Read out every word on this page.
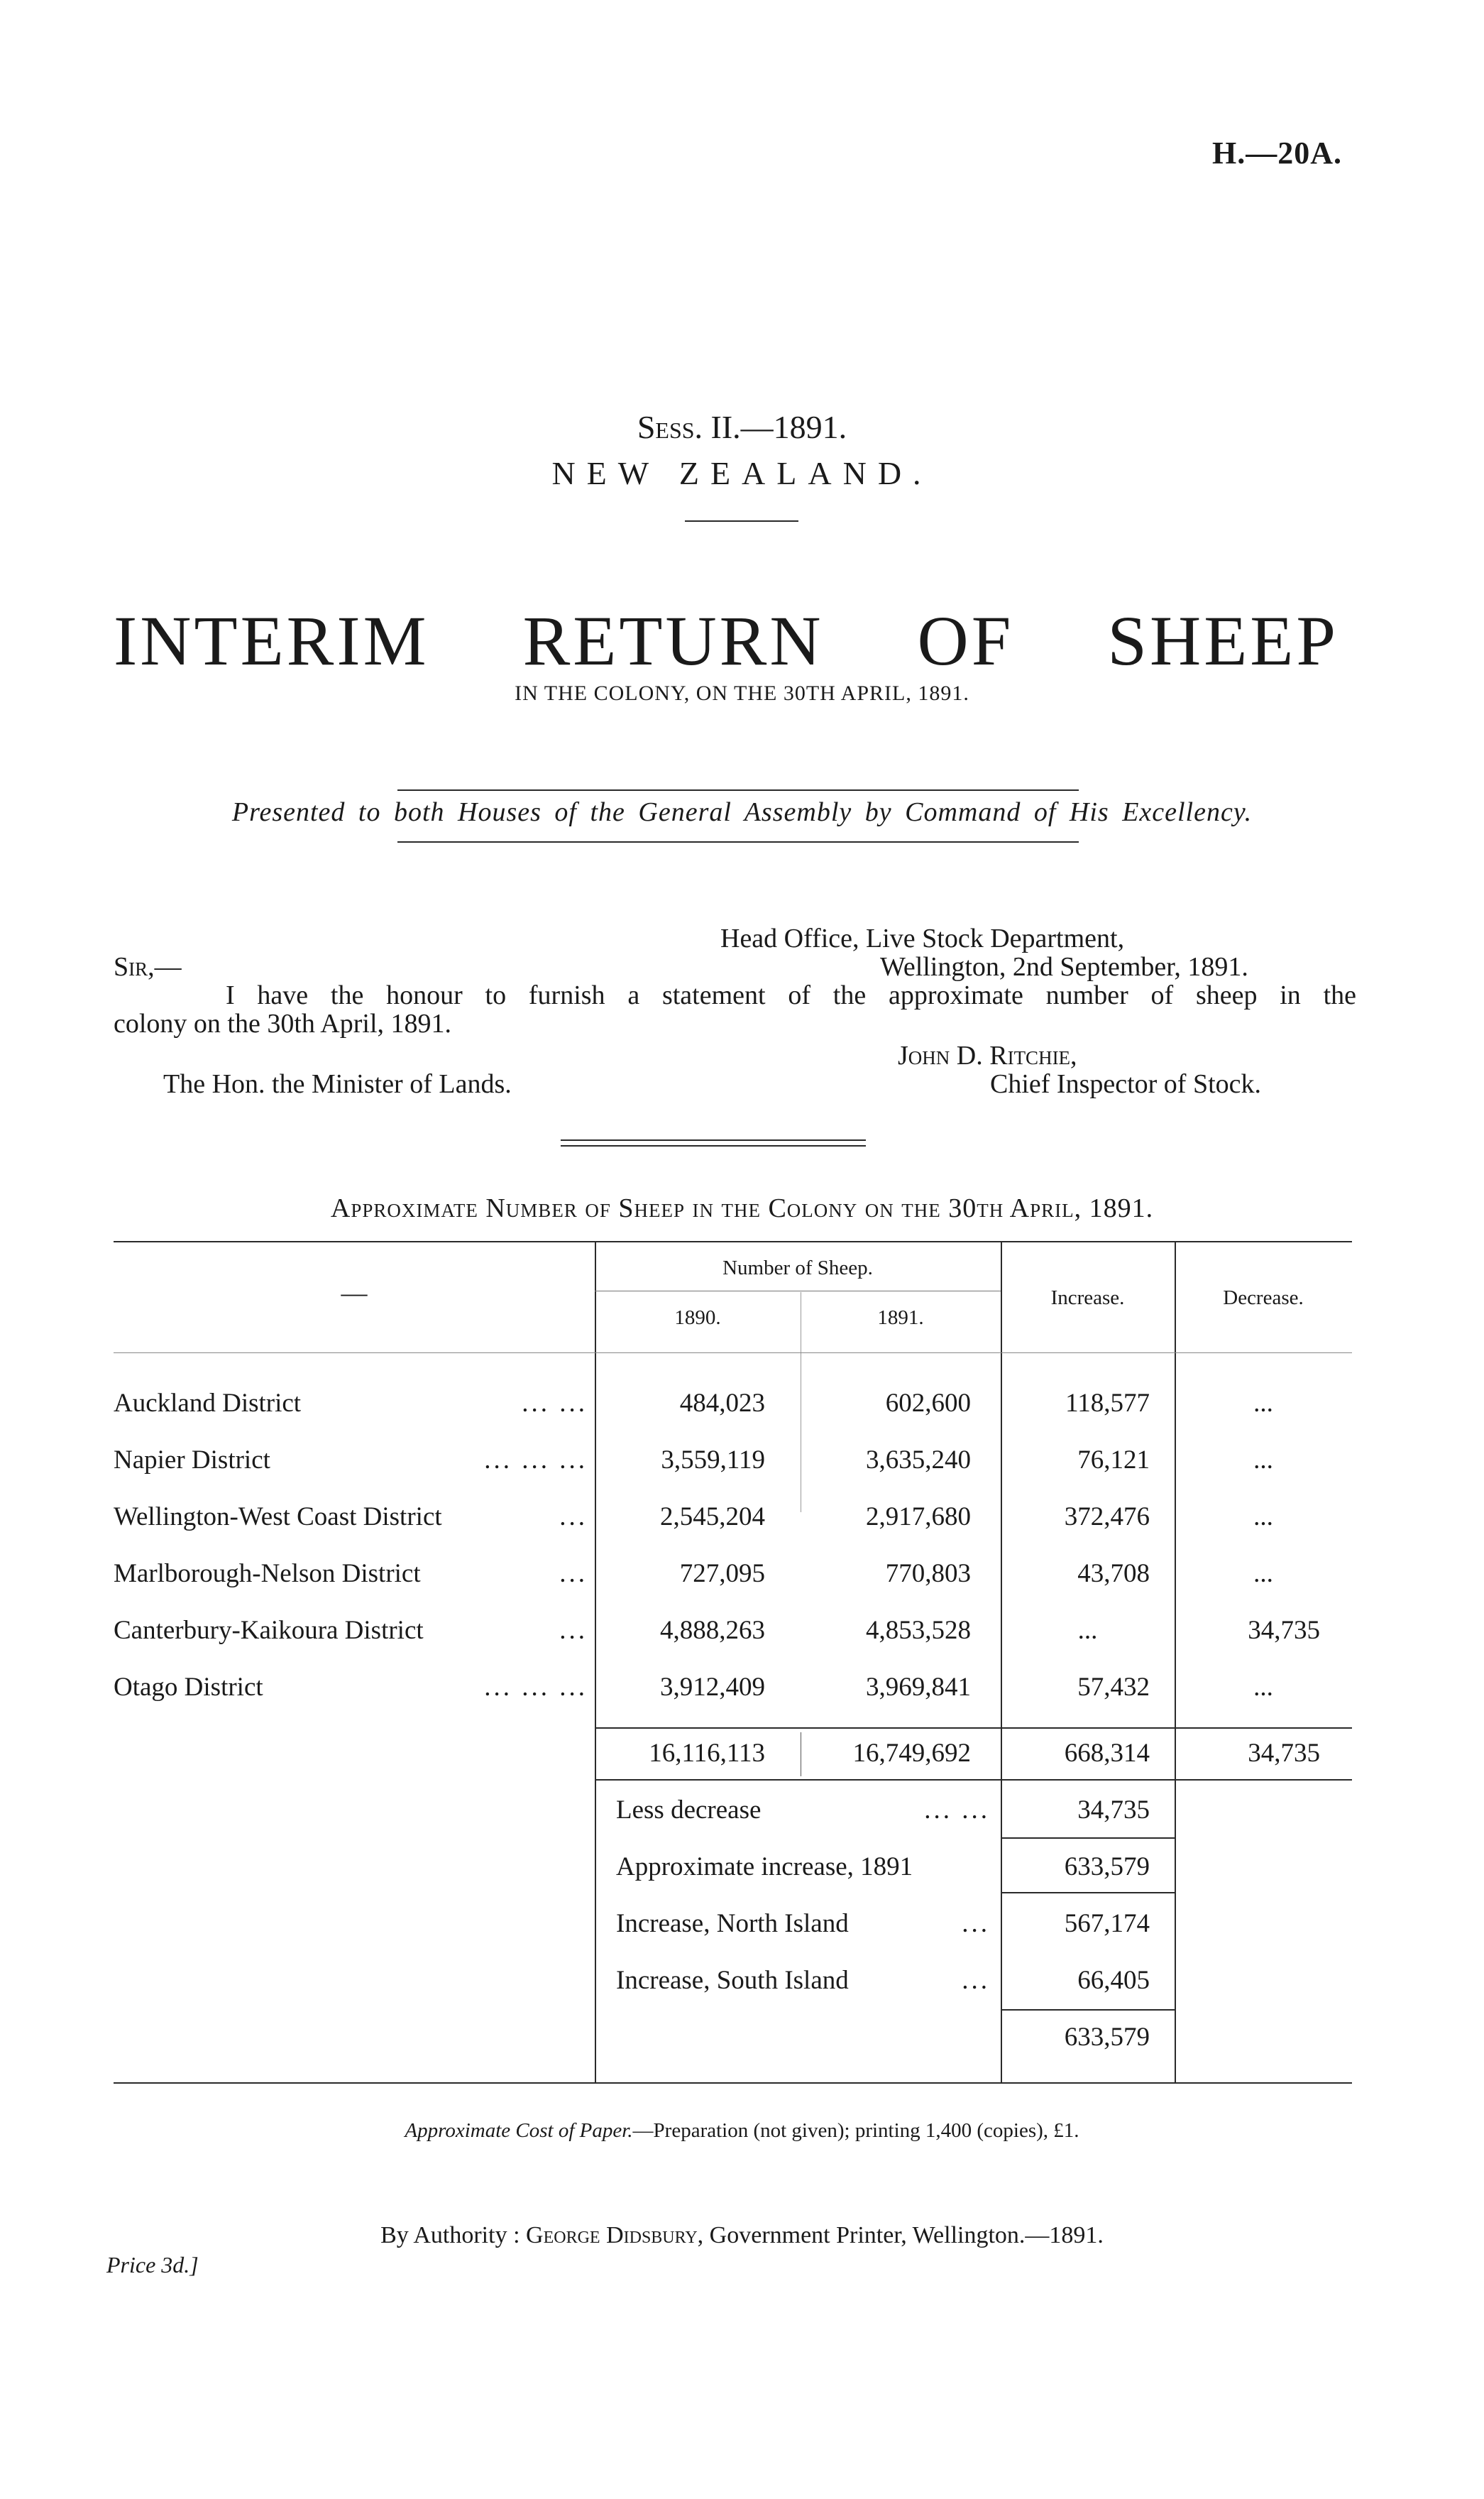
H.—20A.
Sess. II.—1891.
NEW ZEALAND.
INTERIM RETURN OF SHEEP
IN THE COLONY, ON THE 30TH APRIL, 1891.
Presented to both Houses of the General Assembly by Command of His Excellency.
Head Office, Live Stock Department,
Wellington, 2nd September, 1891.
Sir,—
I have the honour to furnish a statement of the approximate number of sheep in the
colony on the 30th April, 1891.
John D. Ritchie,
Chief Inspector of Stock.
The Hon. the Minister of Lands.
Approximate Number of Sheep in the Colony on the 30th April, 1891.
Number of Sheep.
1890.	1891.
Increase.	Decrease.
—
Auckland District	... ...	484,023	602,600	118,577	...
Napier District	... ... ...	3,559,119	3,635,240	76,121	...
Wellington-West Coast District	...	2,545,204	2,917,680	372,476	...
Marlborough-Nelson District	...	727,095	770,803	43,708	...
Canterbury-Kaikoura District	...	4,888,263	4,853,528	...	34,735
Otago District	... ... ...	3,912,409	3,969,841	57,432	...
16,116,113	16,749,692	668,314	34,735
Less decrease	... ...	34,735
Approximate increase, 1891	633,579
Increase, North Island	...	567,174
Increase, South Island	...	66,405
633,579
Approximate Cost of Paper.—Preparation (not given); printing 1,400 (copies), £1.
By Authority : George Didsbury, Government Printer, Wellington.—1891.
Price 3d.]
